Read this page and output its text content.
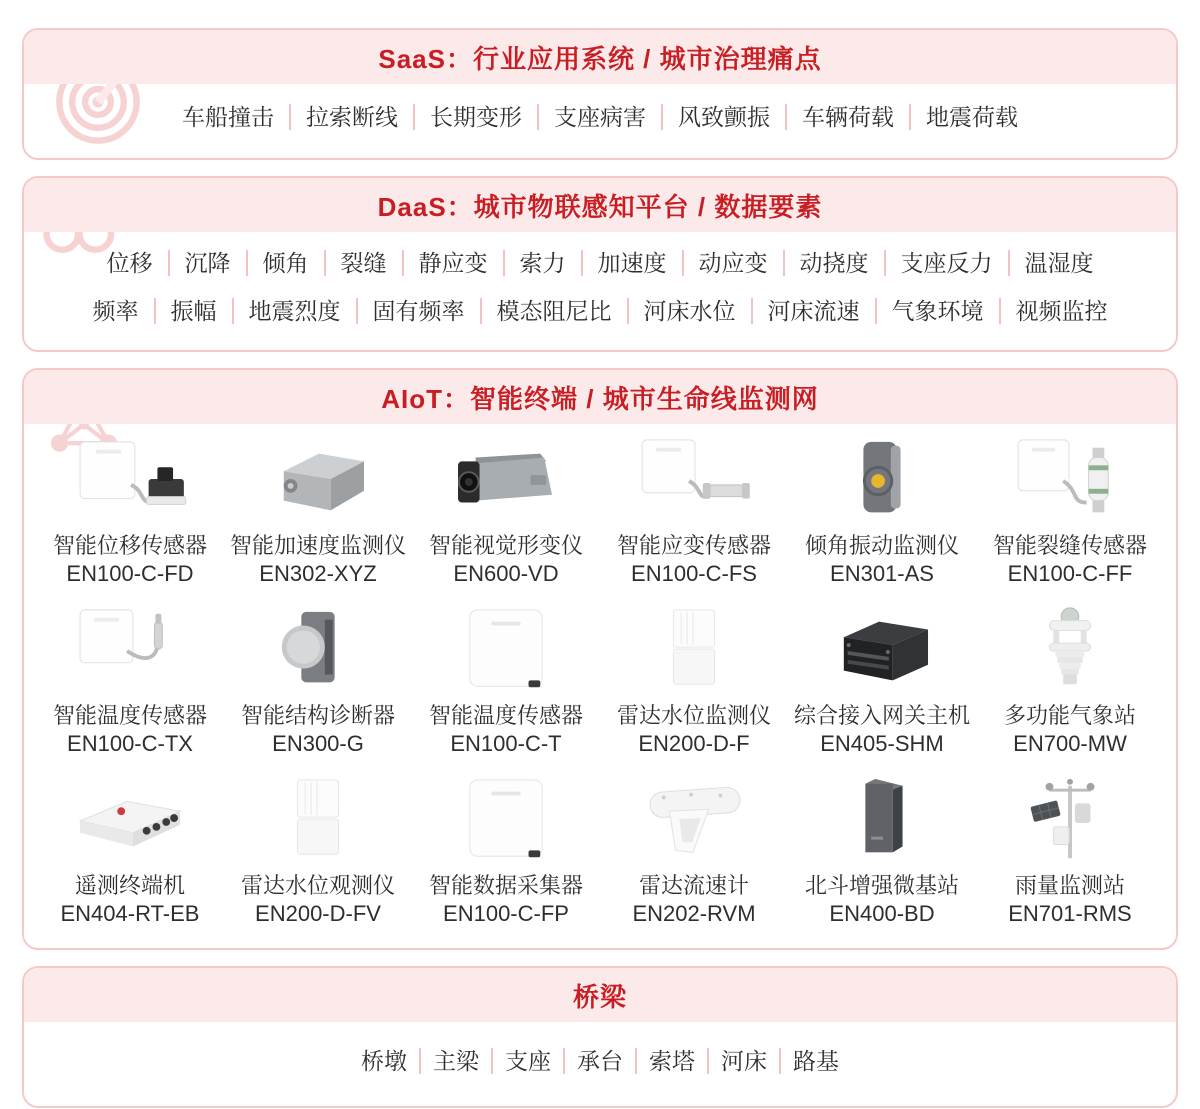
SaaS：行业应用系统 / 城市治理痛点
车船撞击	拉索断线	长期变形	支座病害	风致颤振	车辆荷载	地震荷载
DaaS：城市物联感知平台 / 数据要素
位移	沉降	倾角	裂缝	静应变	索力	加速度	动应变	动挠度	支座反力	温湿度
频率	振幅	地震烈度	固有频率	模态阻尼比	河床水位	河床流速	气象环境	视频监控
AIoT：智能终端 / 城市生命线监测网
智能位移传感器
EN100-C-FD
智能加速度监测仪
EN302-XYZ
智能视觉形变仪
EN600-VD
智能应变传感器
EN100-C-FS
倾角振动监测仪
EN301-AS
智能裂缝传感器
EN100-C-FF
智能温度传感器
EN100-C-TX
智能结构诊断器
EN300-G
智能温度传感器
EN100-C-T
雷达水位监测仪
EN200-D-F
综合接入网关主机
EN405-SHM
多功能气象站
EN700-MW
遥测终端机
EN404-RT-EB
雷达水位观测仪
EN200-D-FV
智能数据采集器
EN100-C-FP
雷达流速计
EN202-RVM
北斗增强微基站
EN400-BD
雨量监测站
EN701-RMS
桥梁
桥墩	主梁	支座	承台	索塔	河床	路基
